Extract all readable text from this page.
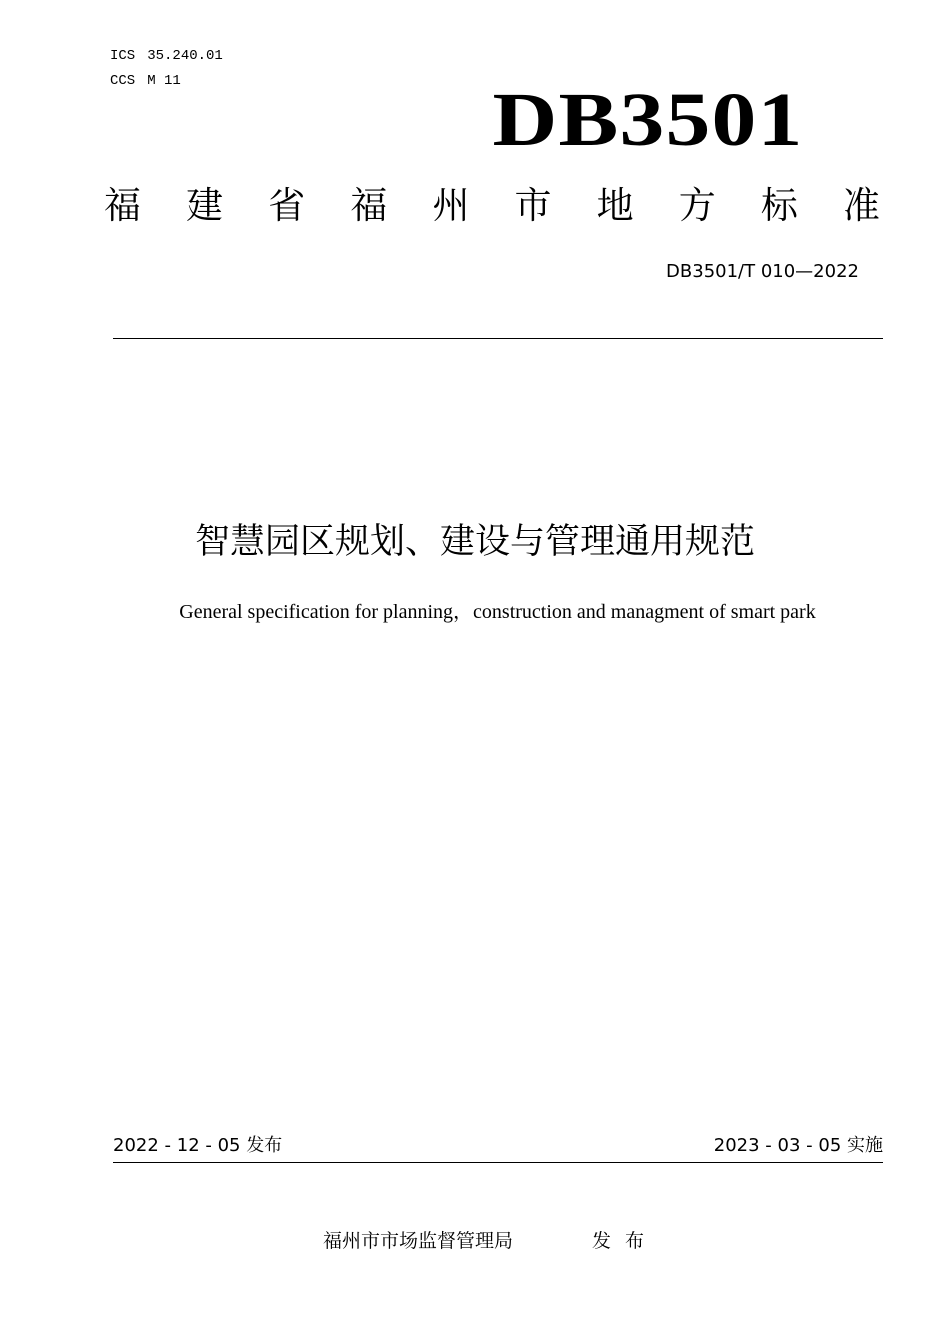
ICS 35.240.01
CCS M 11	DB3501
福 建 省 福 州 市 地 方 标 准
DB3501/T 010—2022
智慧园区规划、建设与管理通用规范
General specification for planning，construction and managment of smart park
2022 - 12 - 05 发布	2023 - 03 - 05 实施
福州市市场监督管理局	发布
